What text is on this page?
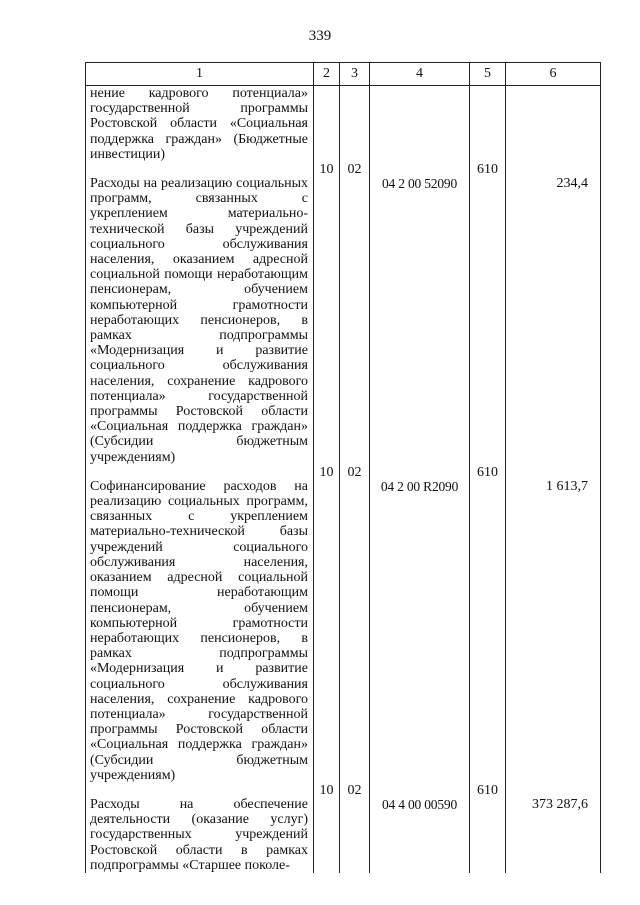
339
1	2	3	4	5	6
нение кадрового потенциала» государственной программы Ростовской области «Социальная поддержка граждан» (Бюджетные инвестиции)					
Расходы на реализацию социальных программ, связанных с укреплением материально-технической базы учреждений социального обслуживания населения, оказанием адресной социальной помощи неработающим пенсионерам, обучением компьютерной грамотности неработающих пенсионеров, в рамках подпрограммы «Модернизация и развитие социального обслуживания населения, сохранение кадрового потенциала» государственной программы Ростовской области «Социальная поддержка граждан» (Субсидии бюджетным учреждениям)	10	02	04 2 00 52090	610	234,4
Софинансирование расходов на реализацию социальных программ, связанных с укреплением материально-технической базы учреждений социального обслуживания населения, оказанием адресной социальной помощи неработающим пенсионерам, обучением компьютерной грамотности неработающих пенсионеров, в рамках подпрограммы «Модернизация и развитие социального обслуживания населения, сохранение кадрового потенциала» государственной программы Ростовской области «Социальная поддержка граждан» (Субсидии бюджетным учреждениям)	10	02	04 2 00 R2090	610	1 613,7
Расходы на обеспечение деятельности (оказание услуг) государственных учреждений Ростовской области в рамках подпрограммы «Старшее поколе-	10	02	04 4 00 00590	610	373 287,6
